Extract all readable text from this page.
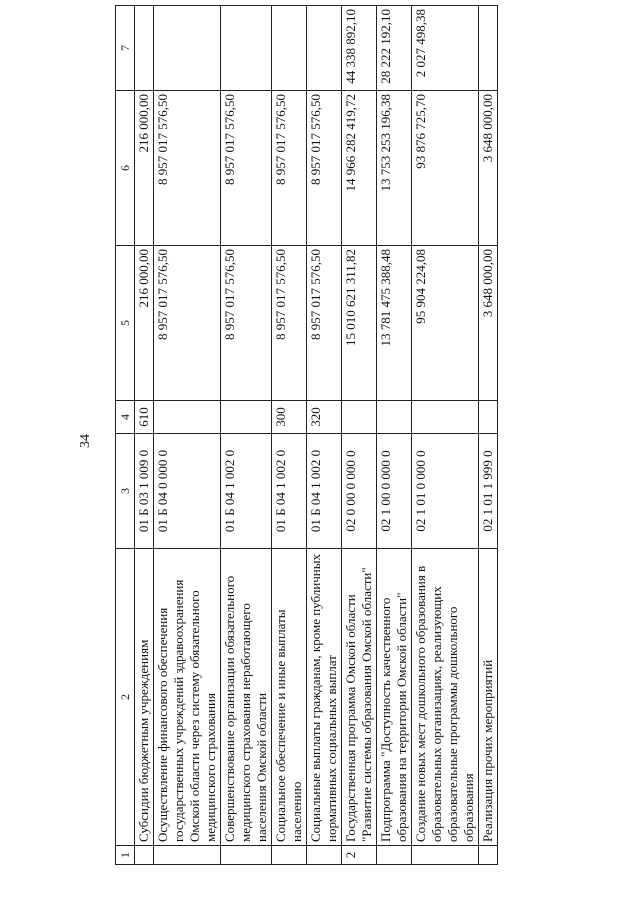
34
1	2	3	4	5	6	7
	Субсидии бюджетным учреждениям	01 Б 03 1 009 0	610	216 000,00	216 000,00	
	Осуществление финансового обеспечения государственных учреждений здравоохранения Омской области через систему обязательного медицинского страхования	01 Б 04 0 000 0		8 957 017 576,50	8 957 017 576,50	
	Совершенствование организации обязательного медицинского страхования неработающего населения Омской области	01 Б 04 1 002 0		8 957 017 576,50	8 957 017 576,50	
	Социальное обеспечение и иные выплаты населению	01 Б 04 1 002 0	300	8 957 017 576,50	8 957 017 576,50	
	Социальные выплаты гражданам, кроме публичных нормативных социальных выплат	01 Б 04 1 002 0	320	8 957 017 576,50	8 957 017 576,50	
2	Государственная программа Омской области "Развитие системы образования Омской области"	02 0 00 0 000 0		15 010 621 311,82	14 966 282 419,72	44 338 892,10
	Подпрограмма "Доступность качественного образования на территории Омской области"	02 1 00 0 000 0		13 781 475 388,48	13 753 253 196,38	28 222 192,10
	Создание новых мест дошкольного образования в образовательных организациях, реализующих образовательные программы дошкольного образования	02 1 01 0 000 0		95 904 224,08	93 876 725,70	2 027 498,38
	Реализация прочих мероприятий	02 1 01 1 999 0		3 648 000,00	3 648 000,00	
